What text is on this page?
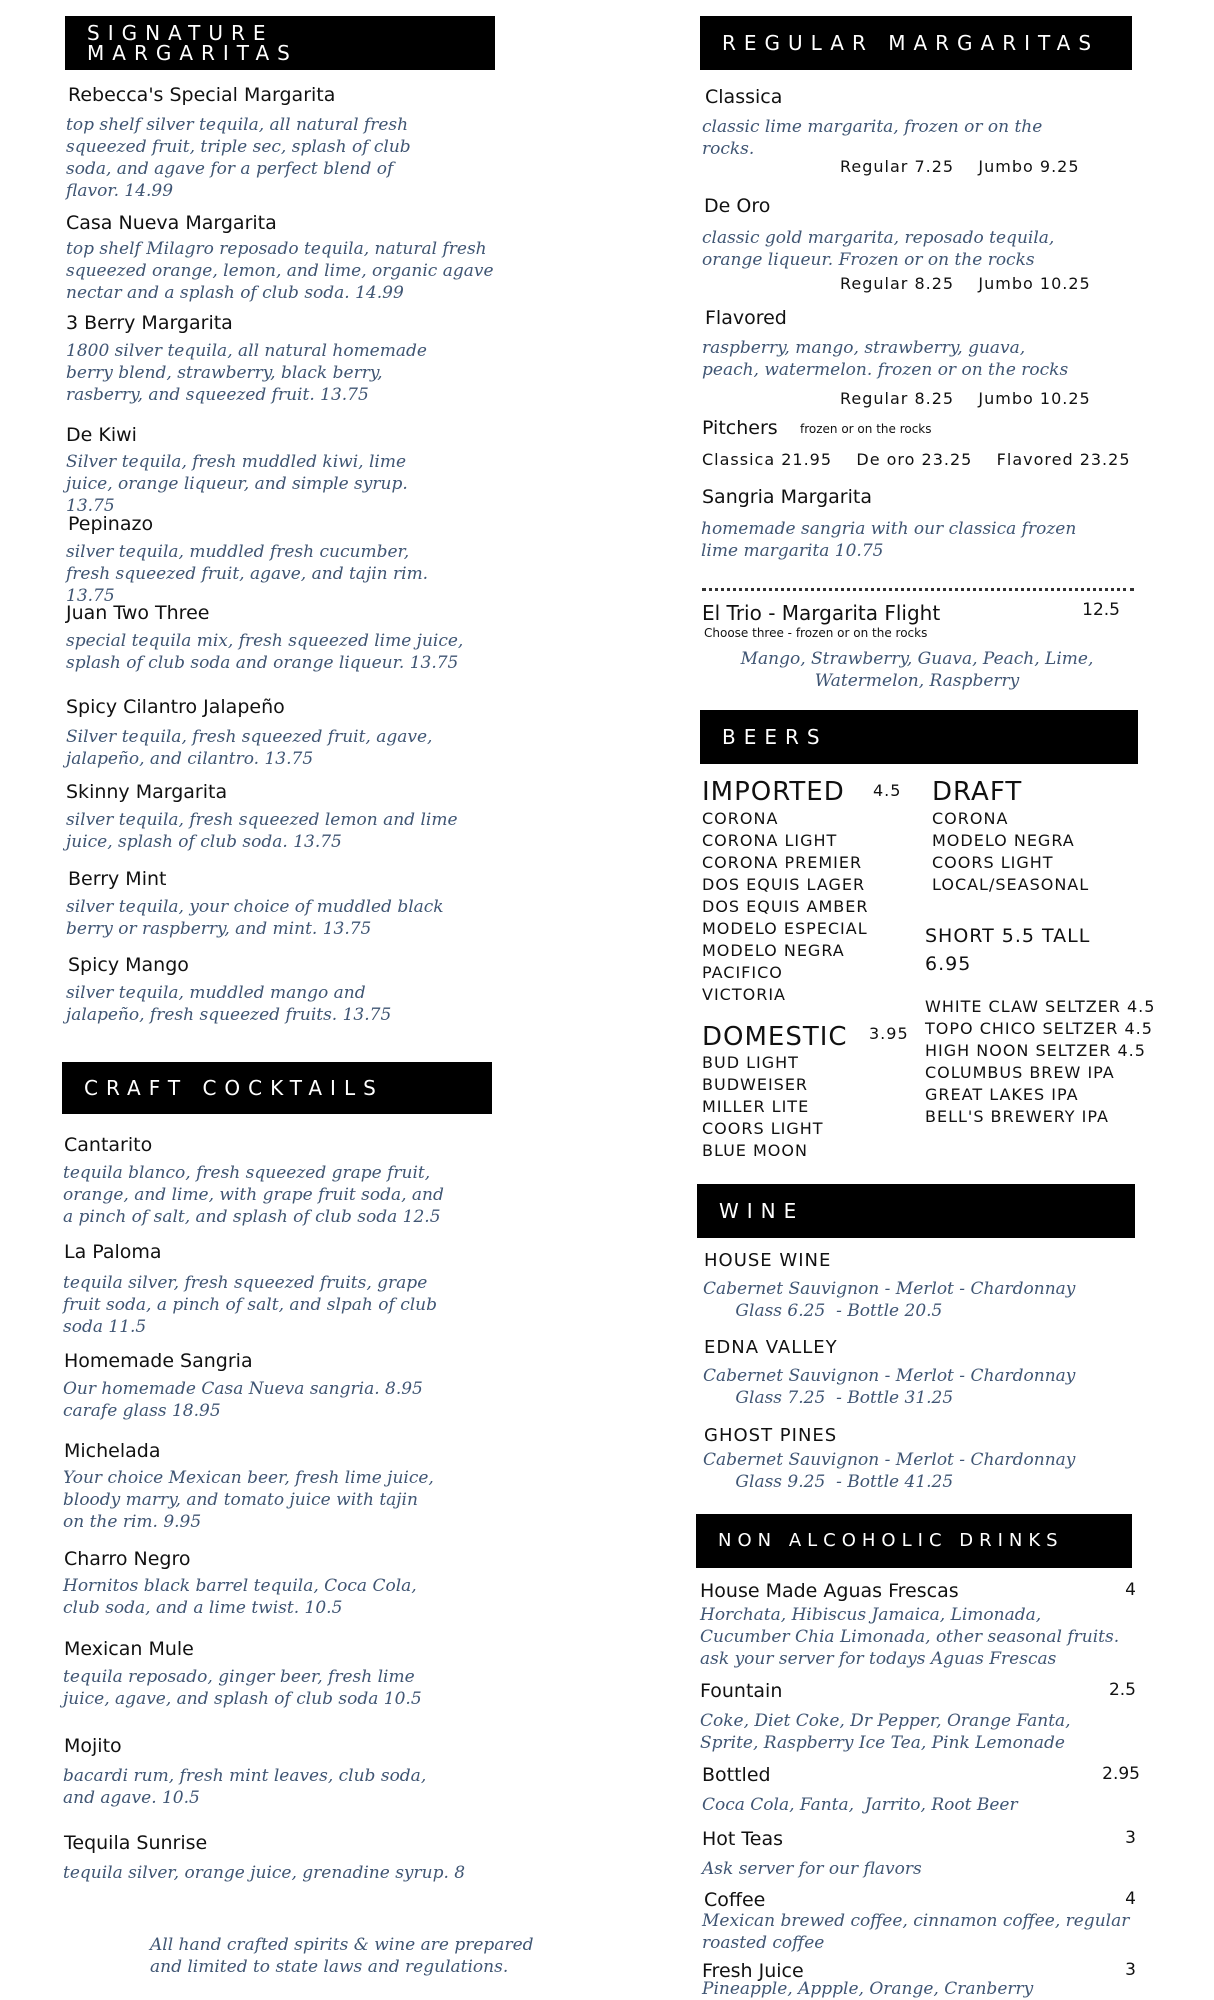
SIGNATURE
MARGARITAS
Rebecca's Special Margarita
top shelf silver tequila, all natural fresh
squeezed fruit, triple sec, splash of club
soda, and agave for a perfect blend of
flavor. 14.99
Casa Nueva Margarita
top shelf Milagro reposado tequila, natural fresh
squeezed orange, lemon, and lime, organic agave
nectar and a splash of club soda. 14.99
3 Berry Margarita
1800 silver tequila, all natural homemade
berry blend, strawberry, black berry,
rasberry, and squeezed fruit. 13.75
De Kiwi
Silver tequila, fresh muddled kiwi, lime
juice, orange liqueur, and simple syrup.
13.75
Pepinazo
silver tequila, muddled fresh cucumber,
fresh squeezed fruit, agave, and tajin rim.
13.75
Juan Two Three
special tequila mix, fresh squeezed lime juice,
splash of club soda and orange liqueur. 13.75
Spicy Cilantro Jalapeño
Silver tequila, fresh squeezed fruit, agave,
jalapeño, and cilantro. 13.75
Skinny Margarita
silver tequila, fresh squeezed lemon and lime
juice, splash of club soda. 13.75
Berry Mint
silver tequila, your choice of muddled black
berry or raspberry, and mint. 13.75
Spicy Mango
silver tequila, muddled mango and
jalapeño, fresh squeezed fruits. 13.75
CRAFT COCKTAILS
Cantarito
tequila blanco, fresh squeezed grape fruit,
orange, and lime, with grape fruit soda, and
a pinch of salt, and splash of club soda 12.5
La Paloma
tequila silver, fresh squeezed fruits, grape
fruit soda, a pinch of salt, and slpah of club
soda 11.5
Homemade Sangria
Our homemade Casa Nueva sangria. 8.95
carafe glass 18.95
Michelada
Your choice Mexican beer, fresh lime juice,
bloody marry, and tomato juice with tajin
on the rim. 9.95
Charro Negro
Hornitos black barrel tequila, Coca Cola,
club soda, and a lime twist. 10.5
Mexican Mule
tequila reposado, ginger beer, fresh lime
juice, agave, and splash of club soda 10.5
Mojito
bacardi rum, fresh mint leaves, club soda,
and agave. 10.5
Tequila Sunrise
tequila silver, orange juice, grenadine syrup. 8
All hand crafted spirits & wine are prepared
and limited to state laws and regulations.
REGULAR MARGARITAS
Classica
classic lime margarita, frozen or on the
rocks.
Regular 7.25    Jumbo 9.25
De Oro
classic gold margarita, reposado tequila,
orange liqueur. Frozen or on the rocks
Regular 8.25    Jumbo 10.25
Flavored
raspberry, mango, strawberry, guava,
peach, watermelon. frozen or on the rocks
Regular 8.25    Jumbo 10.25
Pitchers frozen or on the rocks
Classica 21.95    De oro 23.25    Flavored 23.25
Sangria Margarita
homemade sangria with our classica frozen
lime margarita 10.75
El Trio - Margarita Flight	12.5
Choose three - frozen or on the rocks
Mango, Strawberry, Guava, Peach, Lime,
Watermelon, Raspberry
BEERS
IMPORTED 4.5
CORONA
CORONA LIGHT
CORONA PREMIER
DOS EQUIS LAGER
DOS EQUIS AMBER
MODELO ESPECIAL
MODELO NEGRA
PACIFICO
VICTORIA
DOMESTIC 3.95
BUD LIGHT
BUDWEISER
MILLER LITE
COORS LIGHT
BLUE MOON
DRAFT
CORONA
MODELO NEGRA
COORS LIGHT
LOCAL/SEASONAL
SHORT 5.5 TALL
6.95
WHITE CLAW SELTZER 4.5
TOPO CHICO SELTZER 4.5
HIGH NOON SELTZER 4.5
COLUMBUS BREW IPA
GREAT LAKES IPA
BELL'S BREWERY IPA
WINE
HOUSE WINE
Cabernet Sauvignon - Merlot - Chardonnay
Glass 6.25  - Bottle 20.5
EDNA VALLEY
Cabernet Sauvignon - Merlot - Chardonnay
Glass 7.25  - Bottle 31.25
GHOST PINES
Cabernet Sauvignon - Merlot - Chardonnay
Glass 9.25  - Bottle 41.25
NON ALCOHOLIC DRINKS
House Made Aguas Frescas	4
Horchata, Hibiscus Jamaica, Limonada,
Cucumber Chia Limonada, other seasonal fruits.
ask your server for todays Aguas Frescas
Fountain	2.5
Coke, Diet Coke, Dr Pepper, Orange Fanta,
Sprite, Raspberry Ice Tea, Pink Lemonade
Bottled	2.95
Coca Cola, Fanta,  Jarrito, Root Beer
Hot Teas	3
Ask server for our flavors
Coffee	4
Mexican brewed coffee, cinnamon coffee, regular
roasted coffee
Fresh Juice	3
Pineapple, Appple, Orange, Cranberry
